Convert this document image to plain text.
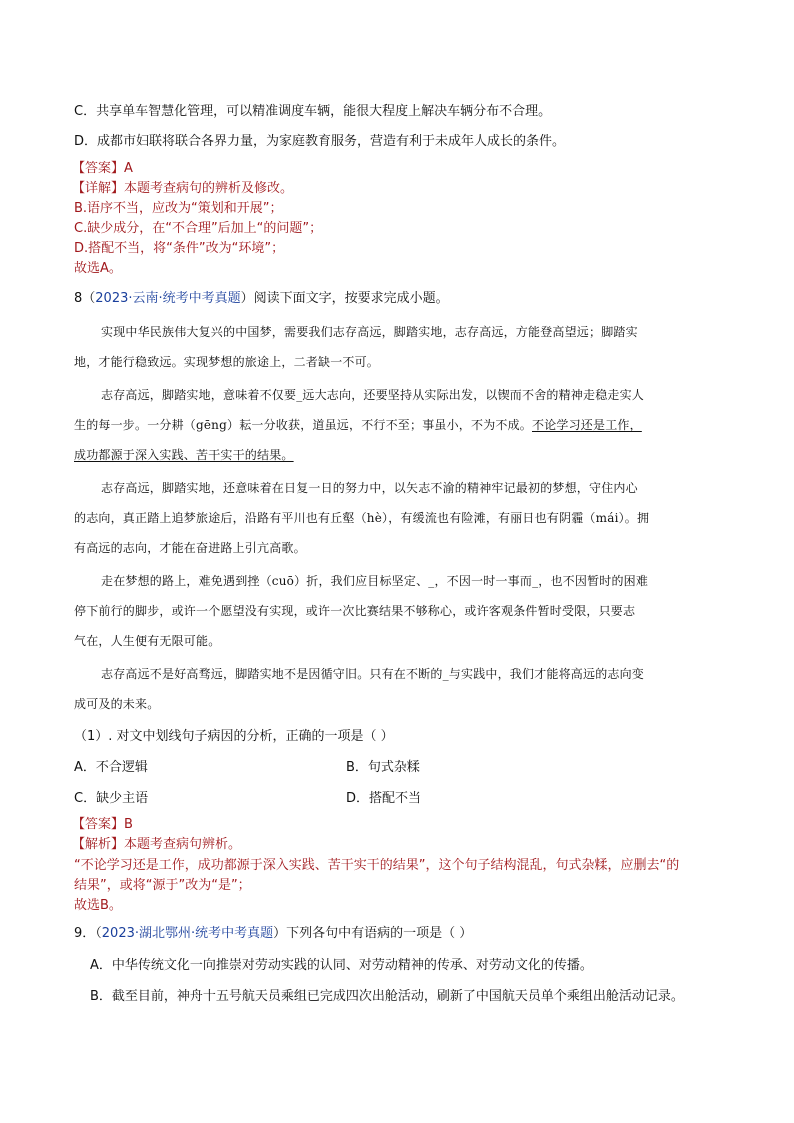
C．共享单车智慧化管理，可以精准调度车辆，能很大程度上解决车辆分布不合理。
D．成都市妇联将联合各界力量，为家庭教育服务，营造有利于未成年人成长的条件。
【答案】A
【详解】本题考查病句的辨析及修改。
B.语序不当，应改为“策划和开展”；
C.缺少成分，在“不合理”后加上“的问题”；
D.搭配不当，将“条件”改为“环境”；
故选A。
8（2023·云南·统考中考真题）阅读下面文字，按要求完成小题。
实现中华民族伟大复兴的中国梦，需要我们志存高远，脚踏实地，志存高远，方能登高望远；脚踏实
地，才能行稳致远。实现梦想的旅途上，二者缺一不可。
志存高远，脚踏实地，意味着不仅要_远大志向，还要坚持从实际出发，以锲而不舍的精神走稳走实人
生的每一步。一分耕（gēng）耘一分收获，道虽远，不行不至；事虽小，不为不成。不论学习还是工作，
成功都源于深入实践、苦干实干的结果。
志存高远，脚踏实地，还意味着在日复一日的努力中，以矢志不渝的精神牢记最初的梦想，守住内心
的志向，真正踏上追梦旅途后，沿路有平川也有丘壑（hè），有缓流也有险滩，有丽日也有阴霾（mái）。拥
有高远的志向，才能在奋进路上引亢高歌。
走在梦想的路上，难免遇到挫（cuō）折，我们应目标坚定、_，不因一时一事而_，也不因暂时的困难
停下前行的脚步，或许一个愿望没有实现，或许一次比赛结果不够称心，或许客观条件暂时受限，只要志
气在，人生便有无限可能。
志存高远不是好高骛远，脚踏实地不是因循守旧。只有在不断的_与实践中，我们才能将高远的志向变
成可及的未来。
（1）. 对文中划线句子病因的分析，正确的一项是（ ）
A．不合逻辑	B．句式杂糅
C．缺少主语	D．搭配不当
【答案】B
【解析】本题考查病句辨析。
“不论学习还是工作，成功都源于深入实践、苦干实干的结果”，这个句子结构混乱，句式杂糅，应删去“的
结果”，或将“源于”改为“是”；
故选B。
9．（2023·湖北鄂州·统考中考真题）下列各句中有语病的一项是（ ）
A．中华传统文化一向推崇对劳动实践的认同、对劳动精神的传承、对劳动文化的传播。
B．截至目前，神舟十五号航天员乘组已完成四次出舱活动，刷新了中国航天员单个乘组出舱活动记录。
